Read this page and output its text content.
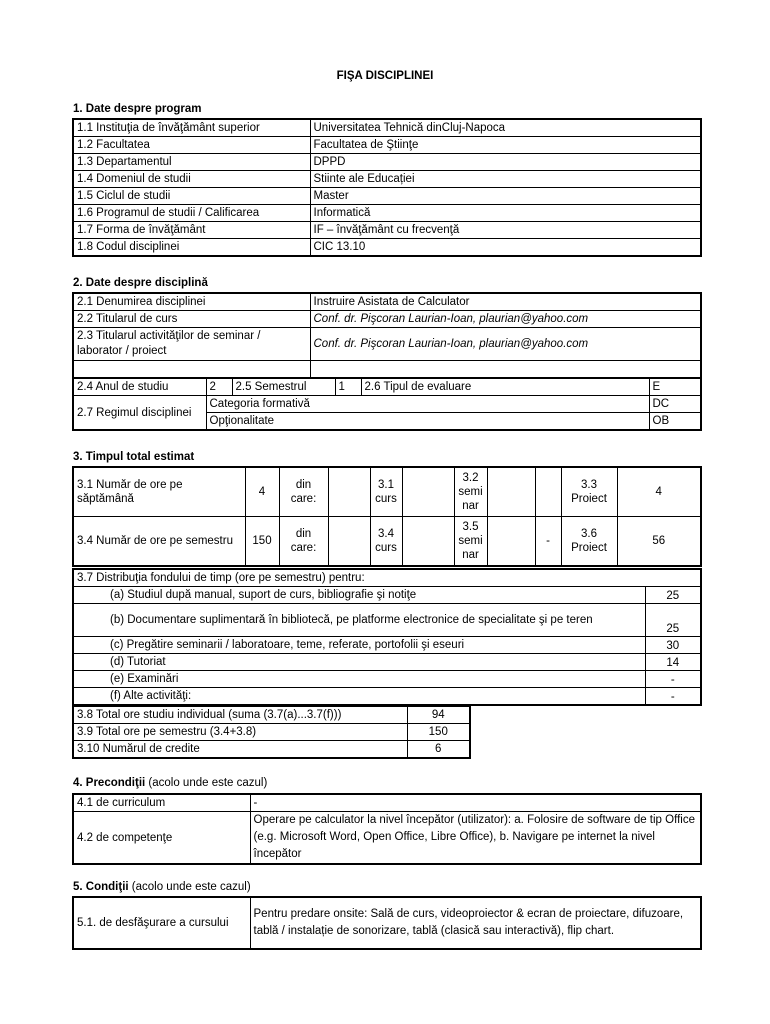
FIŞA DISCIPLINEI
1. Date despre program
1.1 Instituţia de învăţământ superior	Universitatea Tehnică dinCluj-Napoca
1.2 Facultatea	Facultatea de Ştiinţe
1.3 Departamentul	DPPD
1.4 Domeniul de studii	Stiinte ale Educației
1.5 Ciclul de studii	Master
1.6 Programul de studii / Calificarea	Informatică
1.7 Forma de învăţământ	IF – învăţământ cu frecvenţă
1.8 Codul disciplinei	CIC 13.10
2. Date despre disciplină
2.1 Denumirea disciplinei	Instruire Asistata de Calculator
2.2 Titularul de curs	Conf. dr. Pişcoran Laurian-Ioan, plaurian@yahoo.com
2.3 Titularul activităţilor de seminar / laborator / proiect	Conf. dr. Pişcoran Laurian-Ioan, plaurian@yahoo.com

2.4 Anul de studiu	2	2.5 Semestrul	1	2.6 Tipul de evaluare	E
2.7 Regimul disciplinei	Categoria formativă				DC
	Opţionalitate				OB
3. Timpul total estimat
3.1 Număr de ore pe săptămână	4	din care:		3.1 curs		3.2 semi nar			3.3 Proiect	4
3.4 Număr de ore pe semestru	150	din care:		3.4 curs		3.5 semi nar		-	3.6 Proiect	56
3.7 Distribuţia fondului de timp (ore pe semestru) pentru:	
(a) Studiul după manual, suport de curs, bibliografie şi notiţe	25
(b) Documentare suplimentară în bibliotecă, pe platforme electronice de specialitate şi pe teren	25
(c) Pregătire seminarii / laboratoare, teme, referate, portofolii şi eseuri	30
(d) Tutoriat	14
(e) Examinări	-
(f) Alte activităţi:	-
3.8 Total ore studiu individual (suma (3.7(a)...3.7(f)))	94
3.9 Total ore pe semestru (3.4+3.8)	150
3.10 Numărul de credite	6
4. Precondiţii (acolo unde este cazul)
4.1 de curriculum	-
4.2 de competenţe	Operare pe calculator la nivel începător (utilizator): a. Folosire de software de tip Office (e.g. Microsoft Word, Open Office, Libre Office), b. Navigare pe internet la nivel începător
5. Condiţii (acolo unde este cazul)
5.1. de desfăşurare a cursului	Pentru predare onsite: Sală de curs, videoproiector & ecran de proiectare, difuzoare, tablă / instalație de sonorizare, tablă (clasică sau interactivă), flip chart.
